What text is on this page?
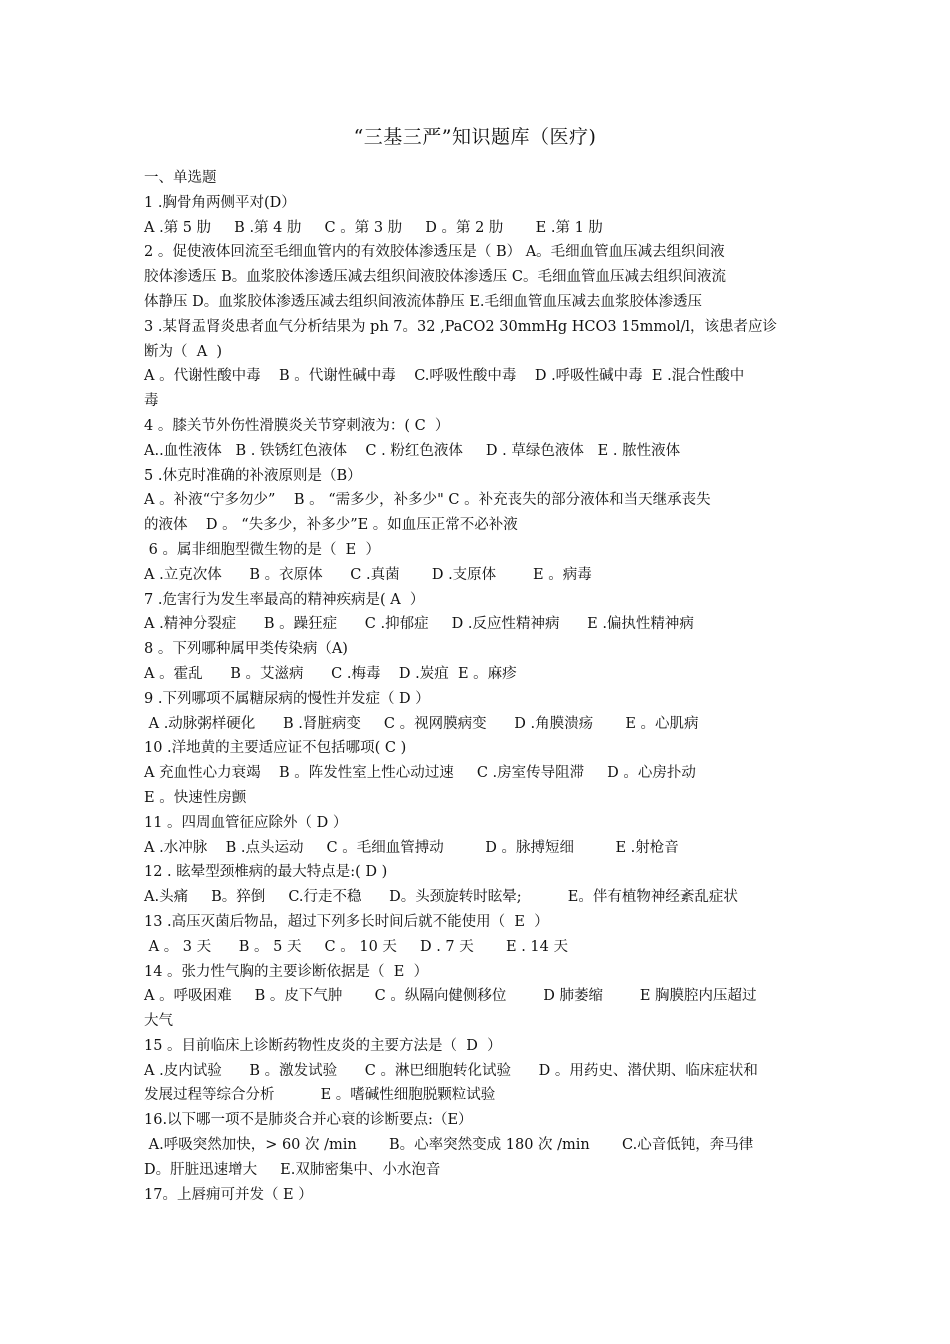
“三基三严”知识题库（医疗)
一、单选题
1 .胸骨角两侧平对(D）
A .第 5 肋     B .第 4 肋     C 。第 3 肋     D 。第 2 肋       E .第 1 肋
2 。促使液体回流至毛细血管内的有效胶体渗透压是（ B） A。毛细血管血压减去组织间液
胶体渗透压 B。血浆胶体渗透压减去组织间液胶体渗透压 C。毛细血管血压减去组织间液流
体静压 D。血浆胶体渗透压减去组织间液流体静压 E.毛细血管血压减去血浆胶体渗透压
3 .某肾盂肾炎患者血气分析结果为 ph 7。32 ,PaCO2 30mmHg HCO3 15mmol/l，该患者应诊
断为（  A  )
A 。代谢性酸中毒    B 。代谢性碱中毒    C.呼吸性酸中毒    D .呼吸性碱中毒  E .混合性酸中
毒
4 。膝关节外伤性滑膜炎关节穿刺液为：( C  ）
A..血性液体   B . 铁锈红色液体    C . 粉红色液体     D . 草绿色液体   E . 脓性液体
5 .休克时准确的补液原则是（B）
A 。补液“宁多勿少”    B 。 “需多少，补多少" C 。补充丧失的部分液体和当天继承丧失
的液体    D 。 “失多少，补多少”E 。如血压正常不必补液
6 。属非细胞型微生物的是（  E  ）
A .立克次体      B 。衣原体      C .真菌       D .支原体        E 。病毒
7 .危害行为发生率最高的精神疾病是( A  ）
A .精神分裂症      B 。躁狂症      C .抑郁症     D .反应性精神病      E .偏执性精神病
8 。下列哪种属甲类传染病（A)
A 。霍乱      B 。艾滋病      C .梅毒    D .炭疽  E 。麻疹
9 .下列哪项不属糖尿病的慢性并发症（ D ）
A .动脉粥样硬化      B .肾脏病变     C 。视网膜病变      D .角膜溃疡       E 。心肌病
10 .洋地黄的主要适应证不包括哪项( C )
A 充血性心力衰竭    B 。阵发性室上性心动过速     C .房室传导阻滞     D 。心房扑动
E 。快速性房颤
11 。四周血管征应除外（ D ）
A .水冲脉    B .点头运动     C 。毛细血管搏动         D 。脉搏短细         E .射枪音
12 . 眩晕型颈椎病的最大特点是:( D )
A.头痛     B。猝倒     C.行走不稳      D。头颈旋转时眩晕;          E。伴有植物神经紊乱症状
13 .高压灭菌后物品，超过下列多长时间后就不能使用（  E  ）
A 。 3 天      B 。 5 天     C 。 10 天     D . 7 天       E . 14 天
14 。张力性气胸的主要诊断依据是（  E  ）
A 。呼吸困难     B 。皮下气肿       C 。纵隔向健侧移位        D 肺萎缩        E 胸膜腔内压超过
大气
15 。目前临床上诊断药物性皮炎的主要方法是（  D  ）
A .皮内试验      B 。激发试验      C 。淋巴细胞转化试验      D 。用药史、潜伏期、临床症状和
发展过程等综合分析          E 。嗜碱性细胞脱颗粒试验
16.以下哪一项不是肺炎合并心衰的诊断要点:（E）
A.呼吸突然加快，> 60 次 /min       B。心率突然变成 180 次 /min       C.心音低钝，奔马律
D。肝脏迅速增大     E.双肺密集中、小水泡音
17。上唇痈可并发（ E ）
